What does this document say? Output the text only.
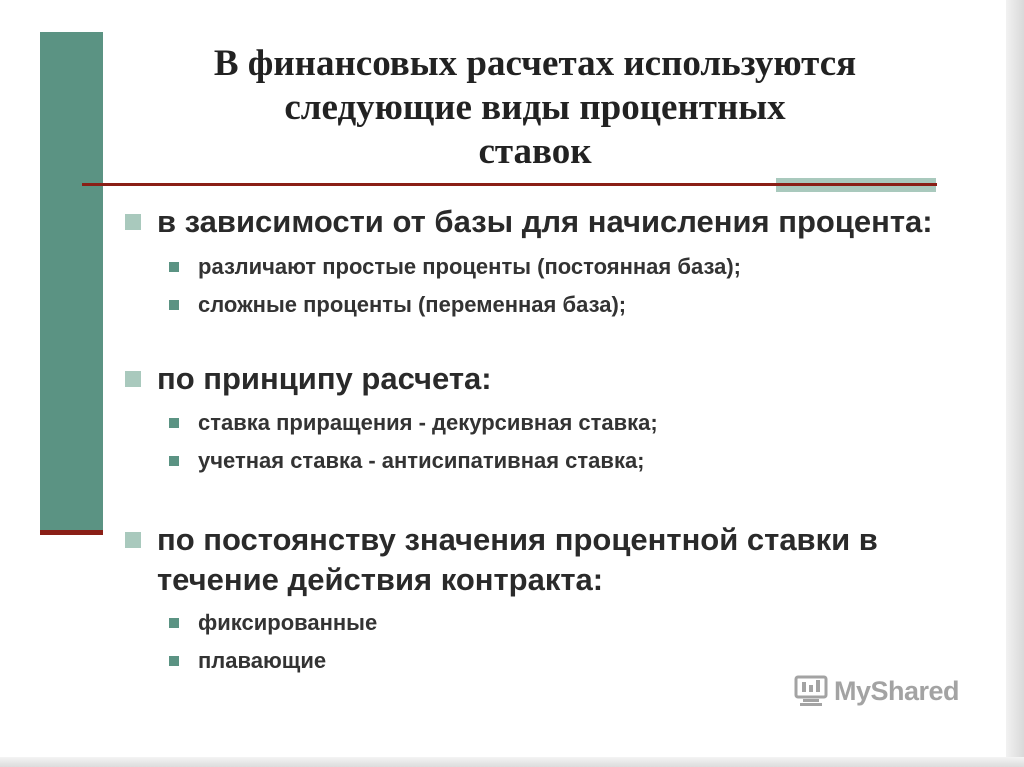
В финансовых расчетах используются
следующие виды процентных
ставок

в зависимости от базы для начисления процента:

различают простые проценты (постоянная база);

сложные проценты (переменная база);

по принципу расчета:

ставка приращения - декурсивная ставка;

учетная ставка - антисипативная ставка;

по постоянству значения процентной ставки в течение действия контракта:

фиксированные

плавающие

MyShared
